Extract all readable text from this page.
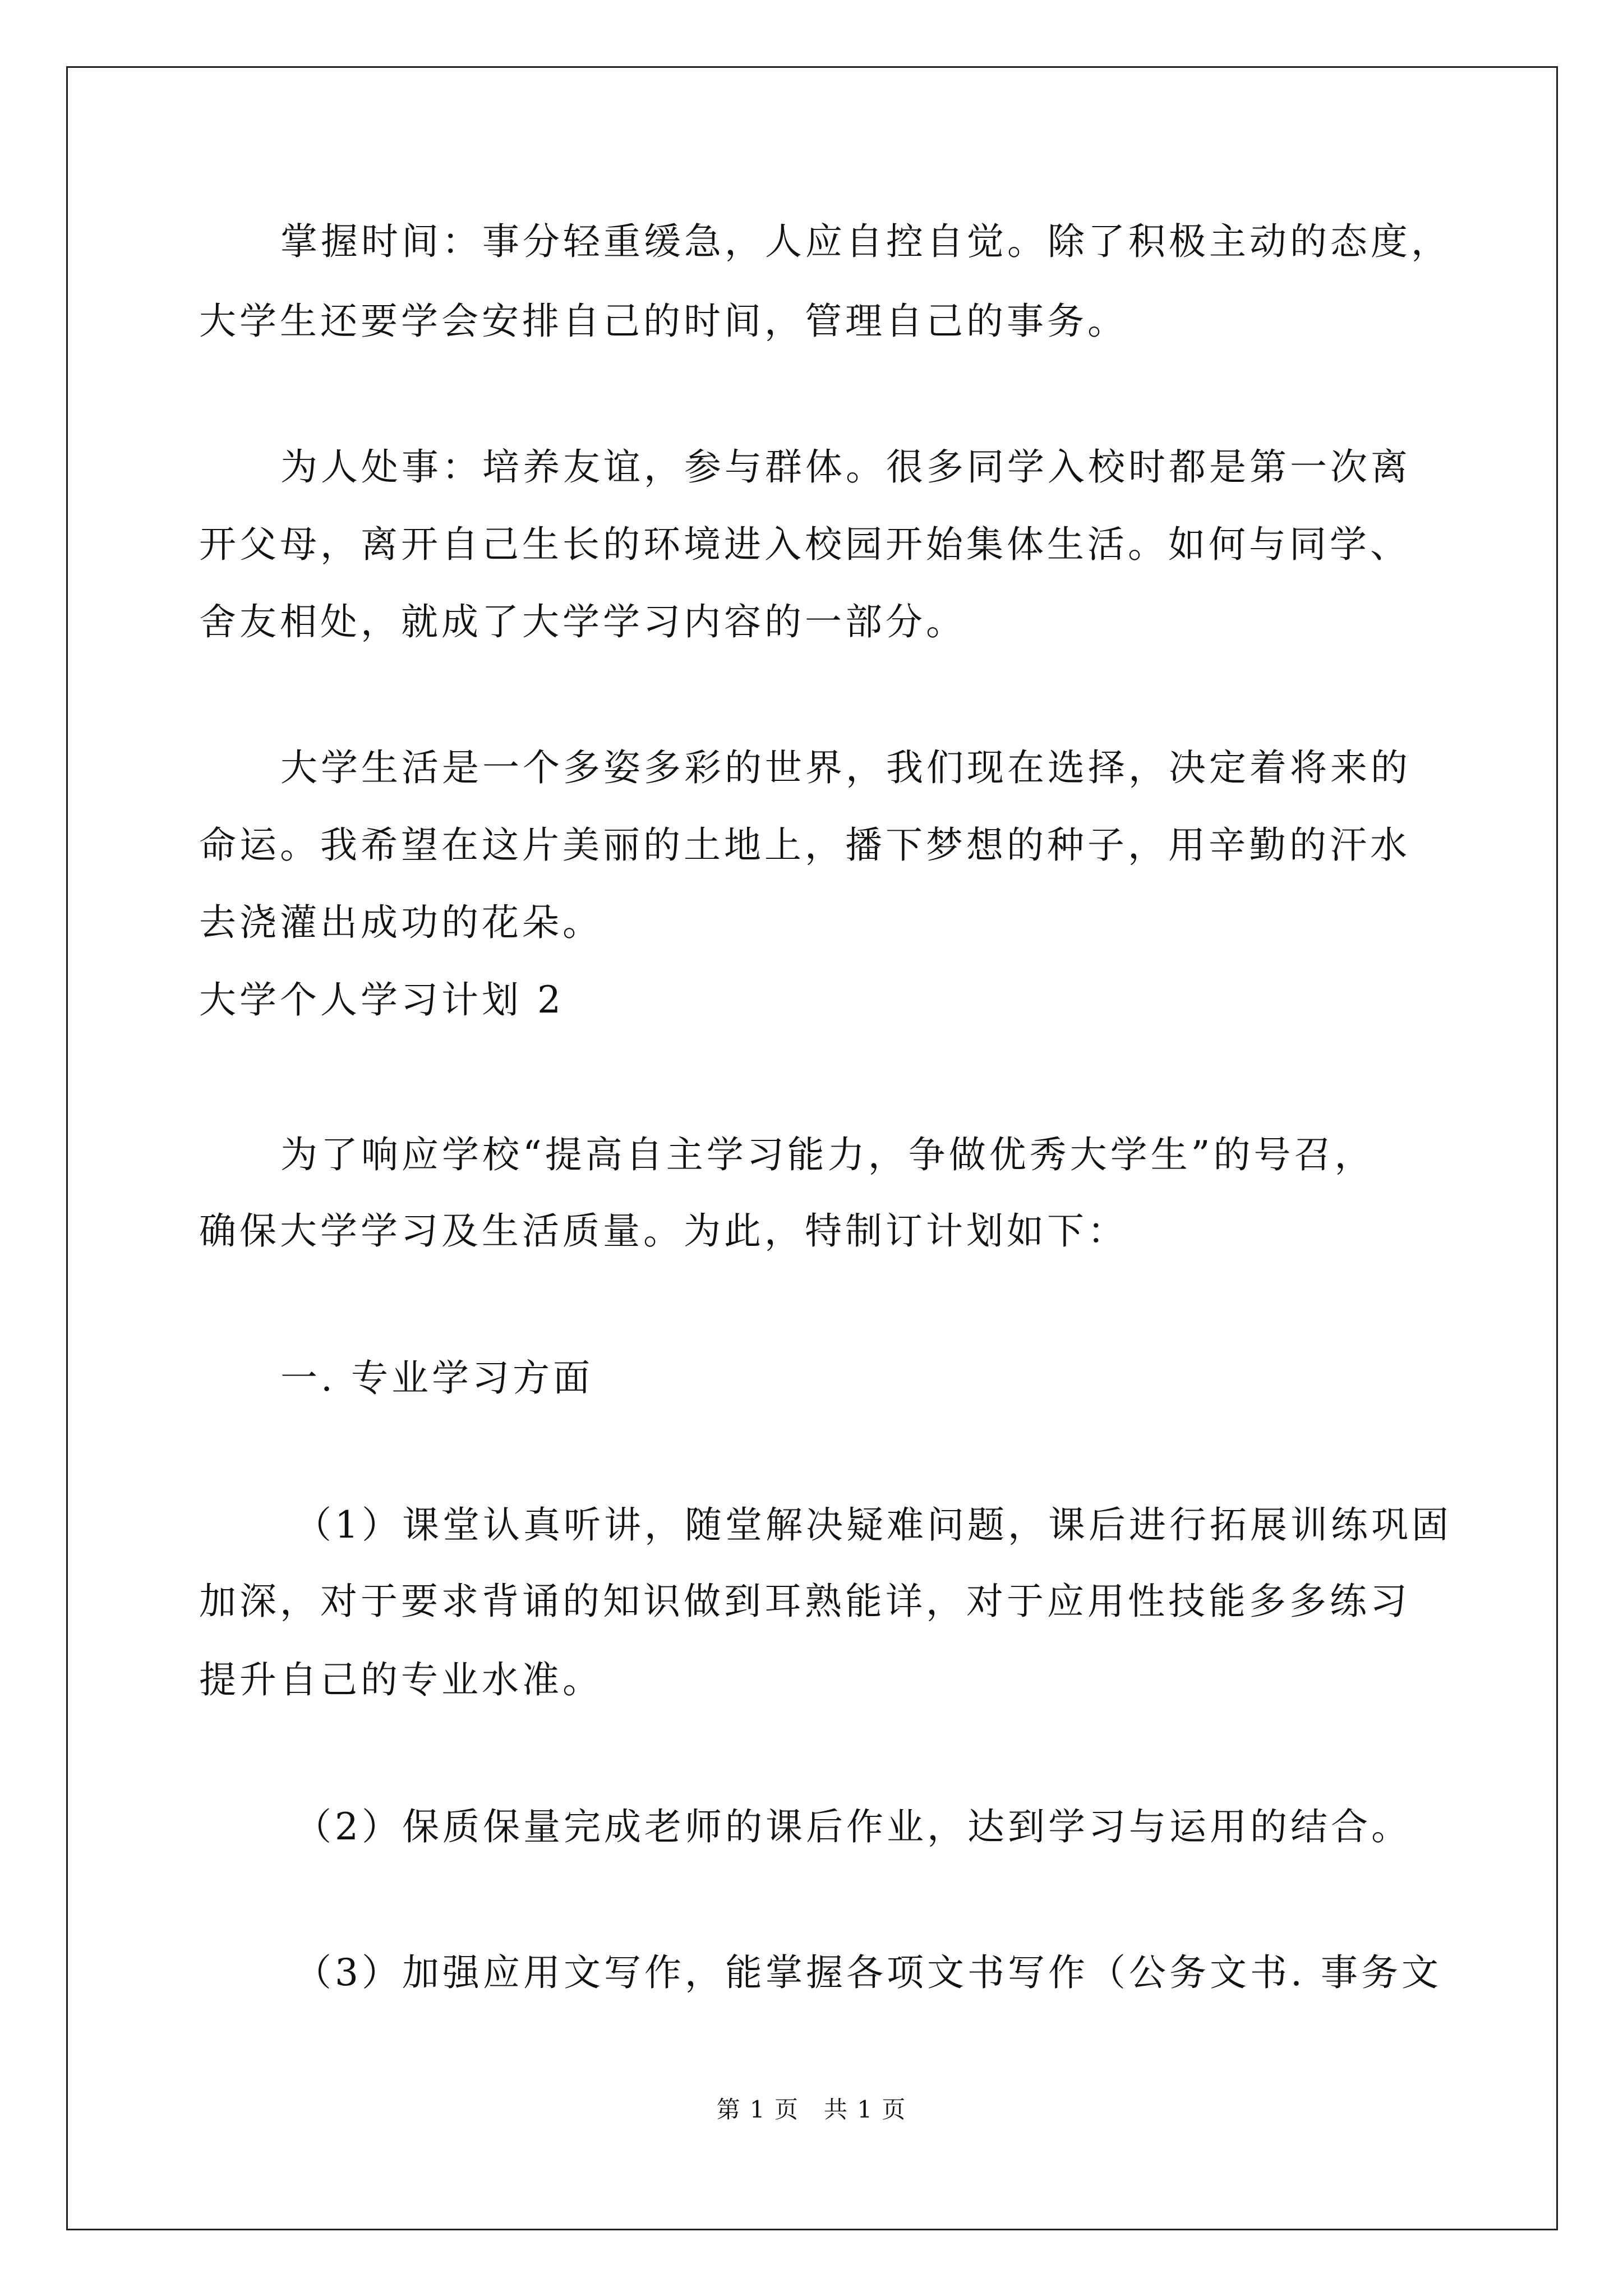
掌握时间：事分轻重缓急，人应自控自觉。除了积极主动的态度，
大学生还要学会安排自己的时间，管理自己的事务。
为人处事：培养友谊，参与群体。很多同学入校时都是第一次离
开父母，离开自己生长的环境进入校园开始集体生活。如何与同学、
舍友相处，就成了大学学习内容的一部分。
大学生活是一个多姿多彩的世界，我们现在选择，决定着将来的
命运。我希望在这片美丽的土地上，播下梦想的种子，用辛勤的汗水
去浇灌出成功的花朵。
大学个人学习计划 2
为了响应学校“提高自主学习能力，争做优秀大学生”的号召，
确保大学学习及生活质量。为此，特制订计划如下：
一. 专业学习方面
（1）课堂认真听讲，随堂解决疑难问题，课后进行拓展训练巩固
加深，对于要求背诵的知识做到耳熟能详，对于应用性技能多多练习
提升自己的专业水准。
（2）保质保量完成老师的课后作业，达到学习与运用的结合。
（3）加强应用文写作，能掌握各项文书写作（公务文书. 事务文
第 1 页　共 1 页
